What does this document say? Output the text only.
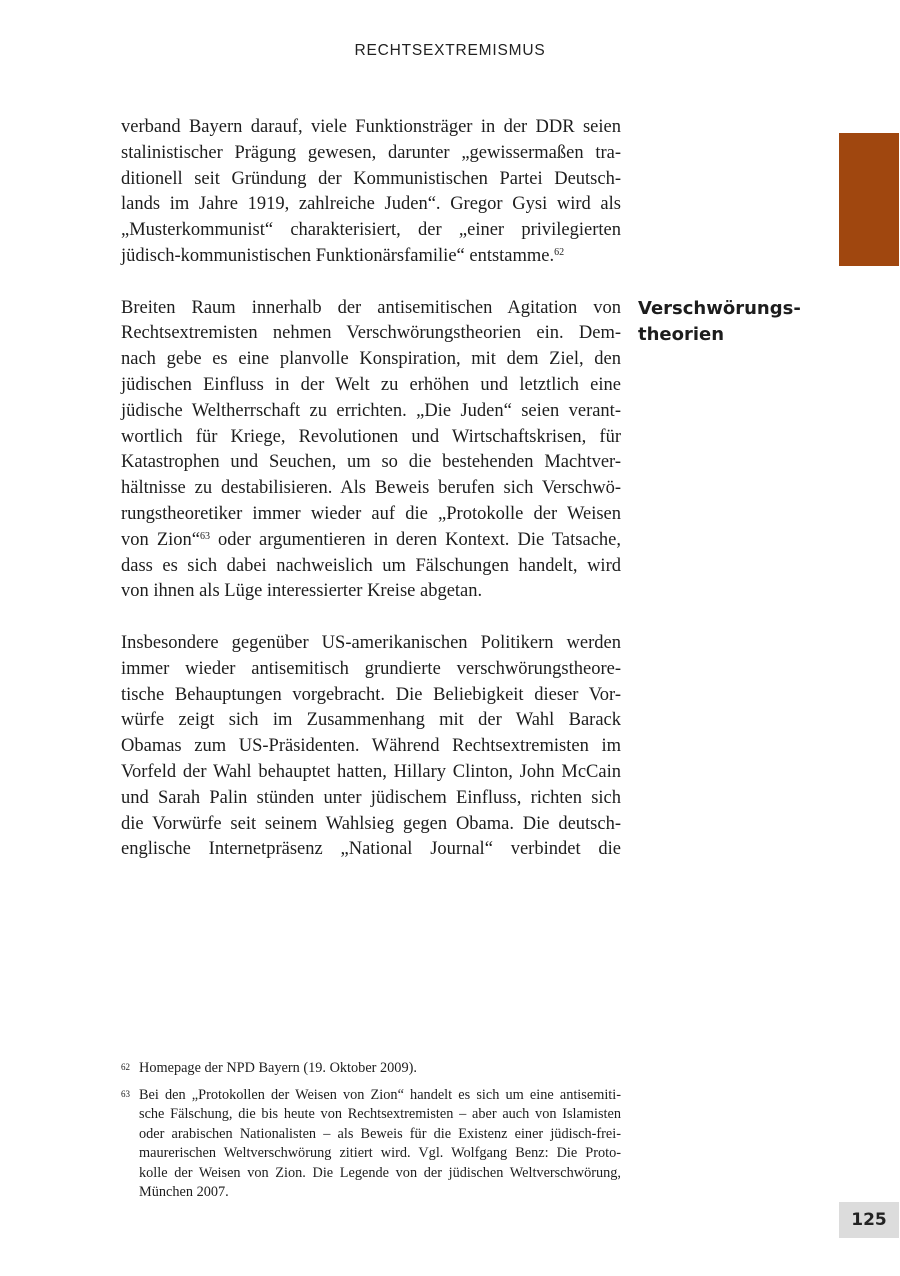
RECHTSEXTREMISMUS
Verschwörungs-
theorien

verband Bayern darauf, viele Funktionsträger in der DDR seien
stalinistischer Prägung gewesen, darunter „gewissermaßen tra-
ditionell seit Gründung der Kommunistischen Partei Deutsch-
lands im Jahre 1919, zahlreiche Juden“. Gregor Gysi wird als
„Musterkommunist“ charakterisiert, der „einer privilegierten
jüdisch-kommunistischen Funktionärsfamilie“ entstamme.$^{62}$

Breiten Raum innerhalb der antisemitischen Agitation von
Rechtsextremisten nehmen Verschwörungstheorien ein. Dem-
nach gebe es eine planvolle Konspiration, mit dem Ziel, den
jüdischen Einfluss in der Welt zu erhöhen und letztlich eine
jüdische Weltherrschaft zu errichten. „Die Juden“ seien verant-
wortlich für Kriege, Revolutionen und Wirtschaftskrisen, für
Katastrophen und Seuchen, um so die bestehenden Machtver-
hältnisse zu destabilisieren. Als Beweis berufen sich Verschwö-
rungstheoretiker immer wieder auf die „Protokolle der Weisen
von Zion“$^{63}$ oder argumentieren in deren Kontext. Die Tatsache,
dass es sich dabei nachweislich um Fälschungen handelt, wird
von ihnen als Lüge interessierter Kreise abgetan.

Insbesondere gegenüber US-amerikanischen Politikern werden
immer wieder antisemitisch grundierte verschwörungstheore-
tische Behauptungen vorgebracht. Die Beliebigkeit dieser Vor-
würfe zeigt sich im Zusammenhang mit der Wahl Barack
Obamas zum US-Präsidenten. Während Rechtsextremisten im
Vorfeld der Wahl behauptet hatten, Hillary Clinton, John McCain
und Sarah Palin stünden unter jüdischem Einfluss, richten sich
die Vorwürfe seit seinem Wahlsieg gegen Obama. Die deutsch-
englische Internetpräsenz „National Journal“ verbindet die

62 Homepage der NPD Bayern (19. Oktober 2009).
63 Bei den „Protokollen der Weisen von Zion“ handelt es sich um eine antisemiti-
sche Fälschung, die bis heute von Rechtsextremisten – aber auch von Islamisten
oder arabischen Nationalisten – als Beweis für die Existenz einer jüdisch-frei-
maurerischen Weltverschwörung zitiert wird. Vgl. Wolfgang Benz: Die Proto-
kolle der Weisen von Zion. Die Legende von der jüdischen Weltverschwörung,
München 2007.
125
